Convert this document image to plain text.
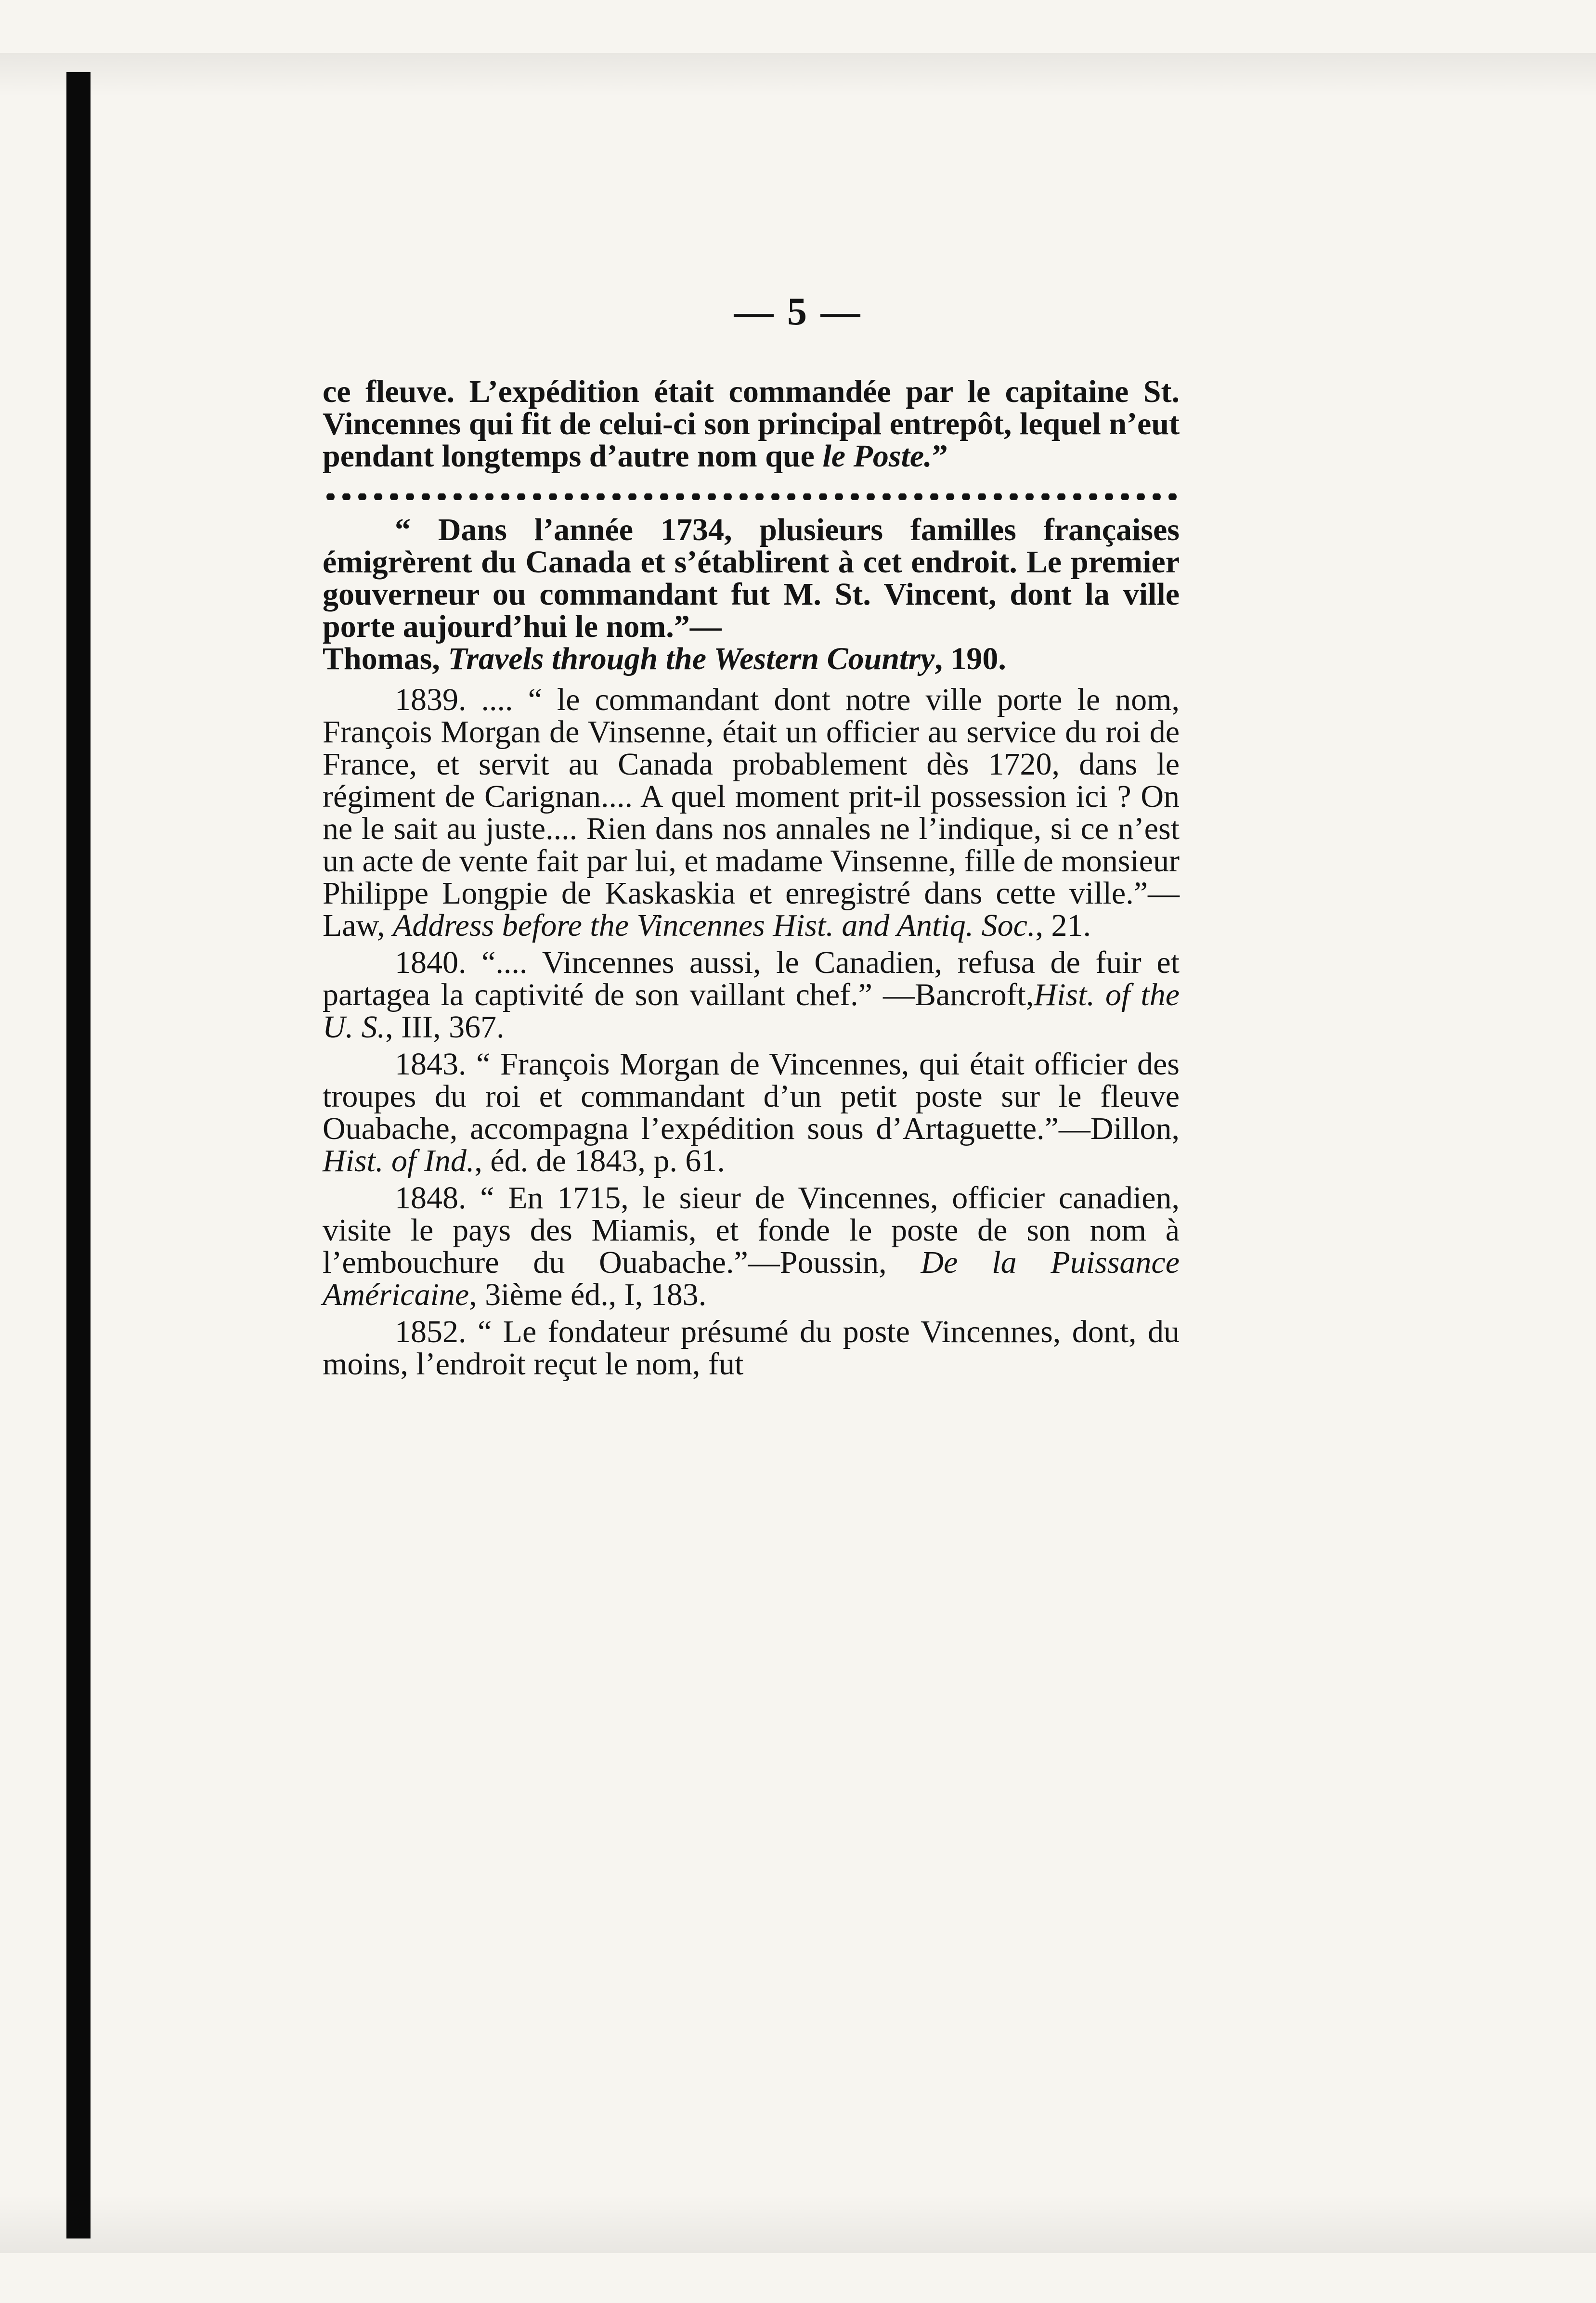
— 5 —

ce fleuve. L’expédition était commandée par le capitaine St. Vincennes qui fit de celui-ci son principal entrepôt, lequel n’eut pendant longtemps d’autre nom que le Poste.”

“ Dans l’année 1734, plusieurs familles françaises émigrèrent du Canada et s’établirent à cet endroit. Le premier gouverneur ou commandant fut M. St. Vincent, dont la ville porte aujourd’hui le nom.”—
Thomas, Travels through the Western Country, 190.

1839. .... “ le commandant dont notre ville porte le nom, François Morgan de Vinsenne, était un officier au service du roi de France, et servit au Canada probablement dès 1720, dans le régiment de Carignan.... A quel moment prit-il possession ici ? On ne le sait au juste.... Rien dans nos annales ne l’indique, si ce n’est un acte de vente fait par lui, et madame Vinsenne, fille de monsieur Philippe Longpie de Kaskaskia et enregistré dans cette ville.”—Law, Address before the Vincennes Hist. and Antiq. Soc., 21.

1840. “.... Vincennes aussi, le Canadien, refusa de fuir et partagea la captivité de son vaillant chef.” —Bancroft,Hist. of the U. S., III, 367.

1843. “ François Morgan de Vincennes, qui était officier des troupes du roi et commandant d’un petit poste sur le fleuve Ouabache, accompagna l’expédition sous d’Artaguette.”—Dillon, Hist. of Ind., éd. de 1843, p. 61.

1848. “ En 1715, le sieur de Vincennes, officier canadien, visite le pays des Miamis, et fonde le poste de son nom à l’embouchure du Ouabache.”—Poussin, De la Puissance Américaine, 3ième éd., I, 183.

1852. “ Le fondateur présumé du poste Vincennes, dont, du moins, l’endroit reçut le nom, fut
